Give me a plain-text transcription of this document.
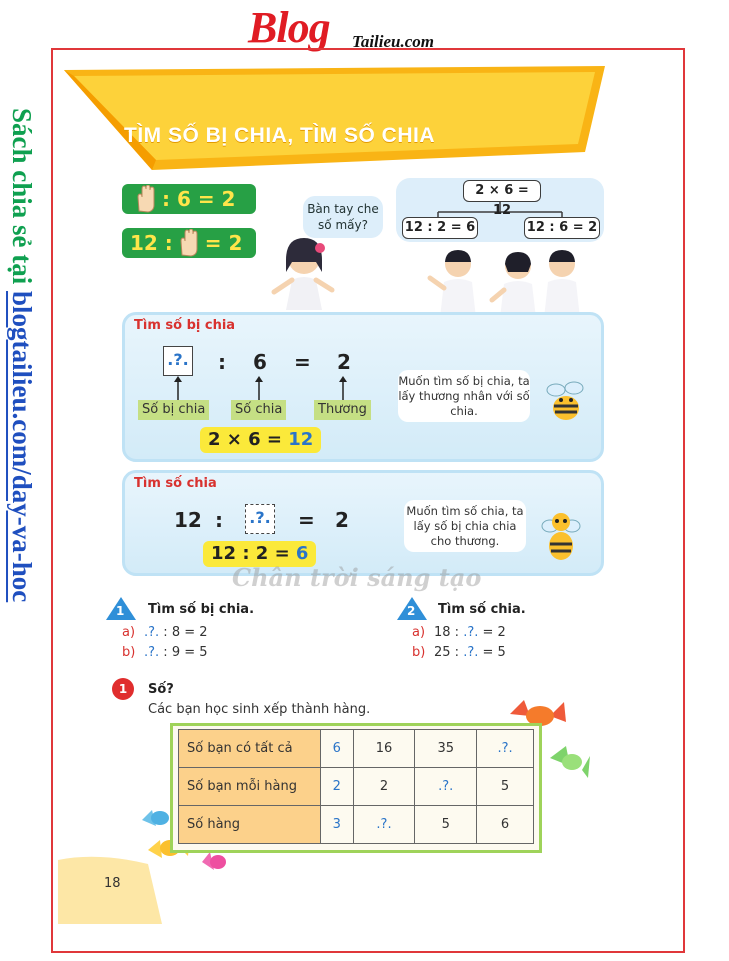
Blog Tailieu.com
Sách chia sẻ tại blogtailieu.com/day-va-hoc
TÌM SỐ BỊ CHIA, TÌM SỐ CHIA
: 6 = 2
12 : = 2
Bàn tay che số mấy?
2 × 6 = 12
12 : 2 = 6	12 : 6 = 2
Tìm số bị chia
.?. : 6 = 2
Số bị chia	Số chia	Thương
2 × 6 = 12
Muốn tìm số bị chia, ta lấy thương nhân với số chia.
Tìm số chia
12 : .?. = 2
12 : 2 = 6
Muốn tìm số chia, ta lấy số bị chia chia cho thương.
Chân trời sáng tạo
1 Tìm số bị chia.
a) .?. : 8 = 2
b) .?. : 9 = 5
2 Tìm số chia.
a) 18 : .?. = 2
b) 25 : .?. = 5
1	Số?
Các bạn học sinh xếp thành hàng.
Số bạn có tất cả	6	16	35	.?.
Số bạn mỗi hàng	2	2	.?.	5
Số hàng	3	.?.	5	6
18
